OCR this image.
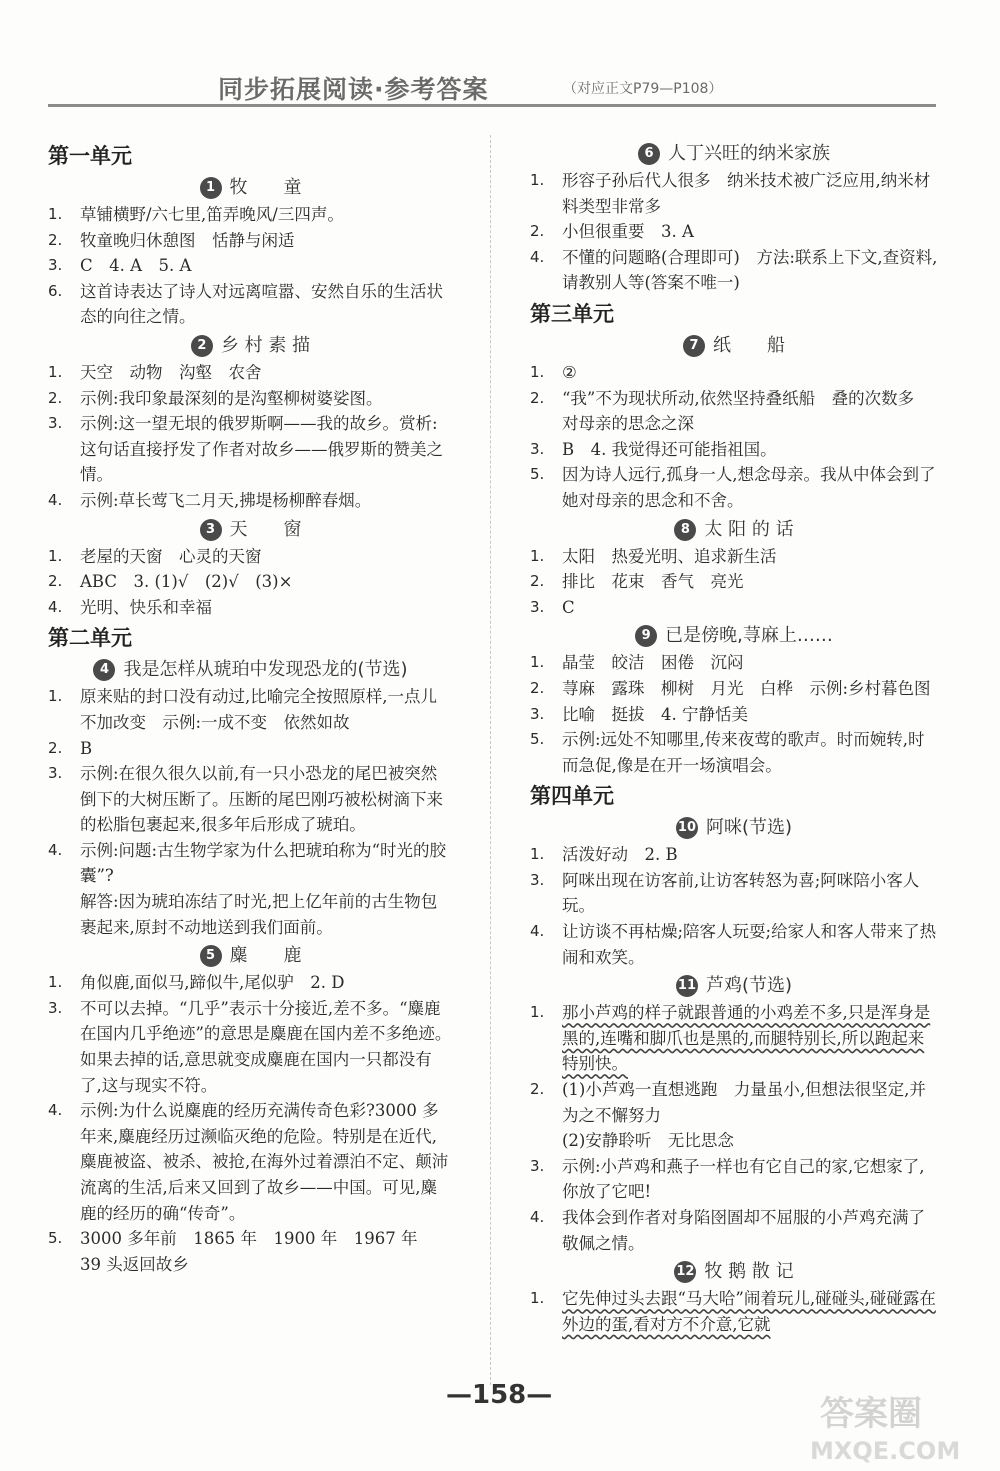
同步拓展阅读·参考答案	（对应正文P79—P108）
第一单元
1 牧　　童
1.	草铺横野/六七里,笛弄晚风/三四声。
2.	牧童晚归休憩图　恬静与闲适
3.	C　4. A　5. A
6.	这首诗表达了诗人对远离喧嚣、安然自乐的生活状态的向往之情。
2 乡 村 素 描
1.	天空　动物　沟壑　农舍
2.	示例:我印象最深刻的是沟壑柳树婆娑图。
3.	示例:这一望无垠的俄罗斯啊——我的故乡。赏析:这句话直接抒发了作者对故乡——俄罗斯的赞美之情。
4.	示例:草长莺飞二月天,拂堤杨柳醉春烟。
3 天　　窗
1.	老屋的天窗　心灵的天窗
2.	ABC　3. (1)√　(2)√　(3)×
4.	光明、快乐和幸福
第二单元
4 我是怎样从琥珀中发现恐龙的(节选)
1.	原来贴的封口没有动过,比喻完全按照原样,一点儿不加改变　示例:一成不变　依然如故
2.	B
3.	示例:在很久很久以前,有一只小恐龙的尾巴被突然倒下的大树压断了。压断的尾巴刚巧被松树滴下来的松脂包裹起来,很多年后形成了琥珀。
4.	示例:问题:古生物学家为什么把琥珀称为“时光的胶囊”?
解答:因为琥珀冻结了时光,把上亿年前的古生物包裹起来,原封不动地送到我们面前。
5 麋　　鹿
1.	角似鹿,面似马,蹄似牛,尾似驴　2. D
3.	不可以去掉。“几乎”表示十分接近,差不多。“麋鹿在国内几乎绝迹”的意思是麋鹿在国内差不多绝迹。如果去掉的话,意思就变成麋鹿在国内一只都没有了,这与现实不符。
4.	示例:为什么说麋鹿的经历充满传奇色彩?3000 多年来,麋鹿经历过濒临灭绝的危险。特别是在近代,麋鹿被盗、被杀、被抢,在海外过着漂泊不定、颠沛流离的生活,后来又回到了故乡——中国。可见,麋鹿的经历的确“传奇”。
5.	3000 多年前　1865 年　1900 年　1967 年　39 头返回故乡
6 人丁兴旺的纳米家族
1.	形容子孙后代人很多　纳米技术被广泛应用,纳米材料类型非常多
2.	小但很重要　3. A
4.	不懂的问题略(合理即可)　方法:联系上下文,查资料,请教别人等(答案不唯一)
第三单元
7 纸　　船
1.	②
2.	“我”不为现状所动,依然坚持叠纸船　叠的次数多　对母亲的思念之深
3.	B　4. 我觉得还可能指祖国。
5.	因为诗人远行,孤身一人,想念母亲。我从中体会到了她对母亲的思念和不舍。
8 太 阳 的 话
1.	太阳　热爱光明、追求新生活
2.	排比　花束　香气　亮光
3.	C
9 已是傍晚,荨麻上……
1.	晶莹　皎洁　困倦　沉闷
2.	荨麻　露珠　柳树　月光　白桦　示例:乡村暮色图
3.	比喻　挺拔　4. 宁静恬美
5.	示例:远处不知哪里,传来夜莺的歌声。时而婉转,时而急促,像是在开一场演唱会。
第四单元
10 阿咪(节选)
1.	活泼好动　2. B
3.	阿咪出现在访客前,让访客转怒为喜;阿咪陪小客人玩。
4.	让访谈不再枯燥;陪客人玩耍;给家人和客人带来了热闹和欢笑。
11 芦鸡(节选)
1.	那小芦鸡的样子就跟普通的小鸡差不多,只是浑身是黑的,连嘴和脚爪也是黑的,而腿特别长,所以跑起来特别快。
2.	(1)小芦鸡一直想逃跑　力量虽小,但想法很坚定,并为之不懈努力
(2)安静聆听　无比思念
3.	示例:小芦鸡和燕子一样也有它自己的家,它想家了,你放了它吧!
4.	我体会到作者对身陷囹圄却不屈服的小芦鸡充满了敬佩之情。
12 牧 鹅 散 记
1.	它先伸过头去跟“马大哈”闹着玩儿,碰碰头,碰碰露在外边的蛋,看对方不介意,它就
—158—	答案圈
MXQE.COM
